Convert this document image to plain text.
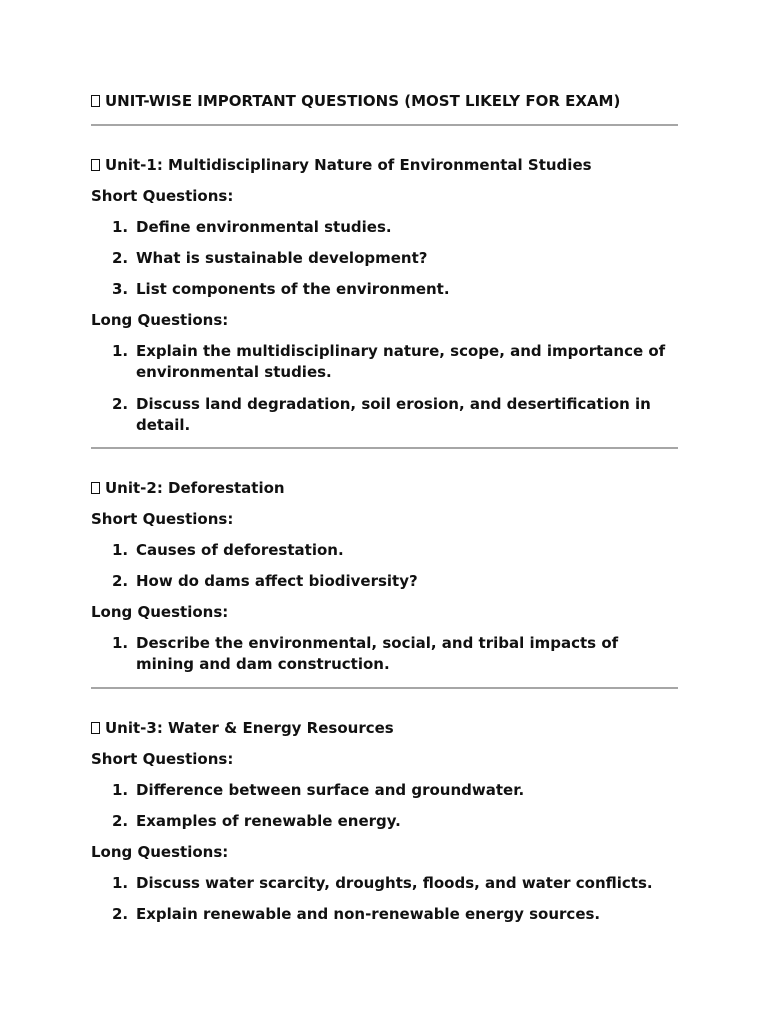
UNIT-WISE IMPORTANT QUESTIONS (MOST LIKELY FOR EXAM)
Unit-1: Multidisciplinary Nature of Environmental Studies

Short Questions:

1. Define environmental studies.
2. What is sustainable development?
3. List components of the environment.

Long Questions:

1. Explain the multidisciplinary nature, scope, and importance of environmental studies.
2. Discuss land degradation, soil erosion, and desertification in detail.
Unit-2: Deforestation

Short Questions:

1. Causes of deforestation.
2. How do dams affect biodiversity?

Long Questions:

1. Describe the environmental, social, and tribal impacts of mining and dam construction.
Unit-3: Water & Energy Resources

Short Questions:

1. Difference between surface and groundwater.
2. Examples of renewable energy.

Long Questions:

1. Discuss water scarcity, droughts, floods, and water conflicts.
2. Explain renewable and non-renewable energy sources.
